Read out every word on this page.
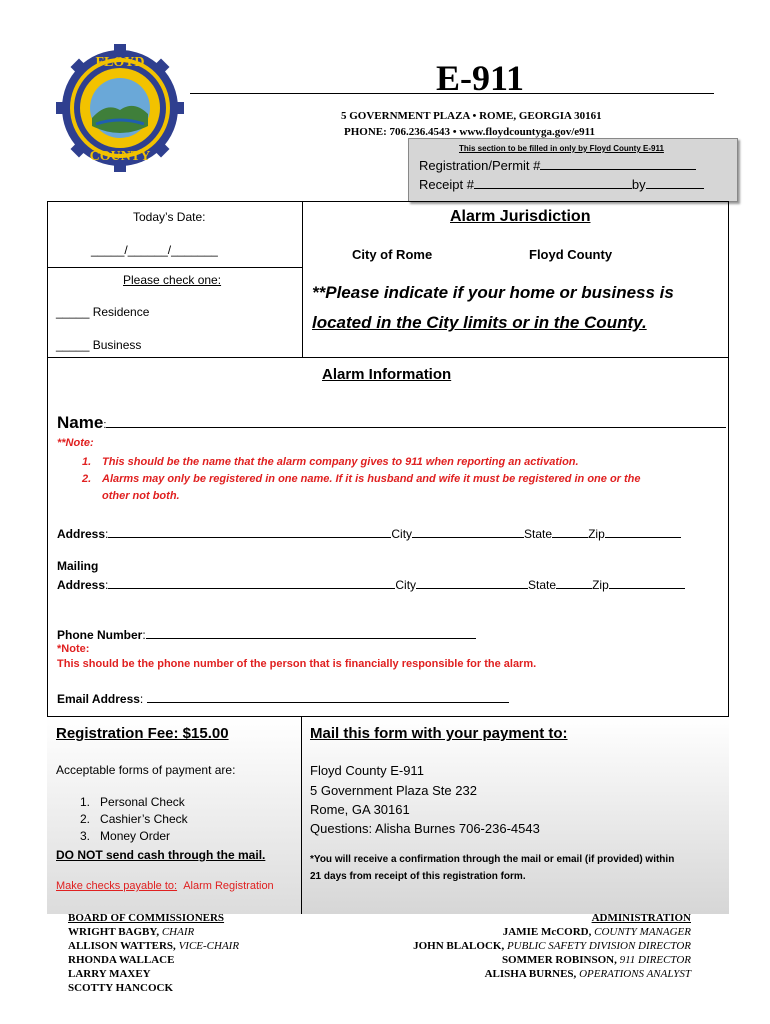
FLOYD
COUNTY
E-911
5 GOVERNMENT PLAZA • ROME, GEORGIA 30161
PHONE: 706.236.4543 • www.floydcountyga.gov/e911
This section to be filled in only by Floyd County E-911
Registration/Permit #
Receipt #	by
Today’s Date:
_____/______/_______
Please check one:
_____ Residence
_____ Business
Alarm Jurisdiction
City of Rome	Floyd County
**Please indicate if your home or business is
located in the City limits or in the County.
Alarm Information
Name:
**Note:
1. This should be the name that the alarm company gives to 911 when reporting an activation.
2. Alarms may only be registered in one name. If it is husband and wife it must be registered in one or the
other not both.
Address:	City	State	Zip
Mailing
Address:	City	State	Zip
Phone Number:
*Note:
This should be the phone number of the person that is financially responsible for the alarm.
Email Address:
Registration Fee: $15.00
Acceptable forms of payment are:
1. Personal Check
2. Cashier’s Check
3. Money Order
DO NOT send cash through the mail.
Make checks payable to: Alarm Registration
Mail this form with your payment to:
Floyd County E-911
5 Government Plaza Ste 232
Rome, GA 30161
Questions: Alisha Burnes 706-236-4543
*You will receive a confirmation through the mail or email (if provided) within
21 days from receipt of this registration form.
BOARD OF COMMISSIONERS
WRIGHT BAGBY, CHAIR
ALLISON WATTERS, VICE-CHAIR
RHONDA WALLACE
LARRY MAXEY
SCOTTY HANCOCK
ADMINISTRATION
JAMIE McCORD, COUNTY MANAGER
JOHN BLALOCK, PUBLIC SAFETY DIVISION DIRECTOR
SOMMER ROBINSON, 911 DIRECTOR
ALISHA BURNES, OPERATIONS ANALYST
